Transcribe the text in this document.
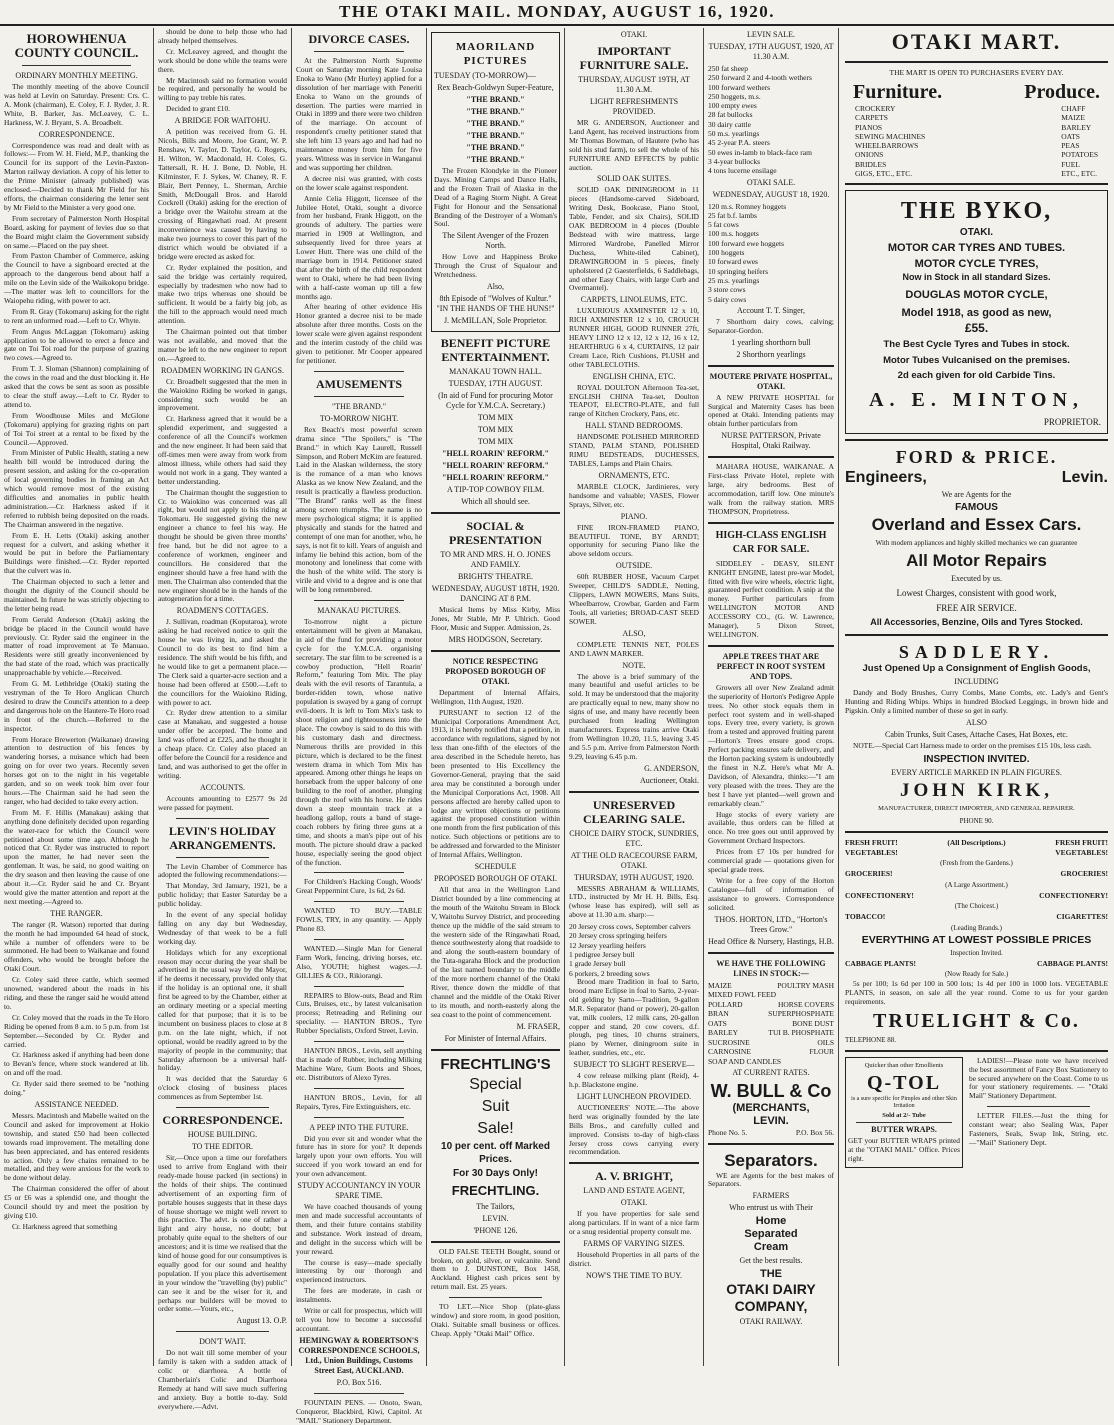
THE OTAKI MAIL. MONDAY, AUGUST 16, 1920.
HOROWHENUA COUNTY COUNCIL.
ORDINARY MONTHLY MEETING.

The monthly meeting of the above Council was held at Levin on Saturday. Present: Crs. C. A. Monk (chairman), E. Coley, F. J. Ryder, J. R. White, B. Barker, Jas. McLeavey, C. L. Harkness, W. J. Bryant, S. A. Broadbelt.

CORRESPONDENCE.

Correspondence was read and dealt with as follows:— From W. H. Field, M.P., thanking the Council for its support of the Levin-Paxton-Marton railway deviation. A copy of his letter to the Prime Minister (already published) was enclosed.—Decided to thank Mr Field for his efforts, the chairman considering the letter sent by Mr Field to the Minister a very good one.

From secretary of Palmerston North Hospital Board, asking for payment of levies due so that the Board might claim the Government subsidy on same.—Placed on the pay sheet.

From Paxton Chamber of Commerce, asking the Council to have a signboard erected at the approach to the dangerous bend about half a mile on the Levin side of the Waikokopu bridge.—The matter was left to councillors for the Waiopehu riding, with power to act.

From R. Gray (Tokomaru) asking for the right to rent an unformed road.—Left to Cr. Whyte.

From Angus McLaggan (Tokomaru) asking application to be allowed to erect a fence and gate on Toi Toi road for the purpose of grazing two cows.—Agreed to.

From T. J. Sloman (Shannon) complaining of the cows in the road and the dust blocking it. He asked that the cows be sent as soon as possible to clear the stuff away.—Left to Cr. Ryder to attend to.

From Woodhouse Miles and McGlone (Tokomaru) applying for grazing rights on part of Toi Toi street at a rental to be fixed by the Council.—Approved.

From Minister of Public Health, stating a new health bill would be introduced during the present session, and asking for the co-operation of local governing bodies in framing an Act which would remove most of the existing difficulties and anomalies in public health administration.—Cr. Harkness asked if it referred to rubbish being deposited on the roads. The Chairman answered in the negative.

From E. H. Letts (Otaki) asking another request for a culvert, and asking whether it would be put in before the Parliamentary Buildings were finished.—Cr. Ryder reported that the culvert was in.

The Chairman objected to such a letter and thought the dignity of the Council should be maintained. In future he was strictly objecting to the letter being read.

From Gerald Anderson (Otaki) asking the bridge be placed in the Council would have previously. Cr. Ryder said the engineer in the matter of road improvement at Te Manuao. Residents were still greatly inconvenienced by the bad state of the road, which was practically unapproachable by vehicle.—Received.

From G. M. Lethbridge (Otaki) stating the vestryman of the Te Horo Anglican Church desired to draw the Council's attention to a deep and dangerous hole on the Hautere-Te Horo road in front of the church.—Referred to the inspector.

From Horace Brewerton (Waikanae) drawing attention to destruction of his fences by wandering horses, a nuisance which had been going on for over two years. Recently seven horses got on to the night in his vegetable garden, and so on week took him over four hours.—The Chairman said he had seen the ranger, who had decided to take every action.

From M. F. Hillis (Manakau) asking that anything done definitely decided upon regarding the water-race for which the Council were petitioned about some time ago. Although he noticed that Cr. Ryder was instructed to report upon the matter, he had never seen the gentleman. It was, he said, no good waiting on the dry season and then leaving the cause of one about it.—Cr. Ryder said he and Cr. Bryant would give the matter attention and report at the next meeting.—Agreed to.

THE RANGER.

The ranger (R. Watson) reported that during the month he had impounded 64 head of stock, while a number of offenders were to be summoned. He had been to Waikanae and found offenders, who would be brought before the Otaki Court.

Cr. Coley said three cattle, which seemed unowned, wandered about the roads in his riding, and these the ranger said he would attend to.

Cr. Coley moved that the roads in the Te Horo Riding be opened from 8 a.m. to 5 p.m. from 1st September.—Seconded by Cr. Ryder and carried.

Cr. Harkness asked if anything had been done to Bevan's fence, where stock wandered at lib. on and off the road.

Cr. Ryder said there seemed to be "nothing doing."

ASSISTANCE NEEDED.

Messrs. Macintosh and Mabelle waited on the Council and asked for improvement at Hokio township, and stated £50 had been collected towards road improvement. The metalling done has been appreciated, and has entered residents to action. Only a few chains remained to be metalled, and they were anxious for the work to be done without delay.

The Chairman considered the offer of about £5 or £6 was a splendid one, and thought the Council should try and meet the position by giving £10.

Cr. Harkness agreed that something

should be done to help those who had already helped themselves.

Cr. McLeavey agreed, and thought the work should be done while the teams were there.

Mr Macintosh said no formation would be required, and personally he would be willing to pay treble his rates.

Decided to grant £10.

A BRIDGE FOR WAITOHU.

A petition was received from G. H. Nicols, Bills and Moore, Joe Grant, W. P. Renshaw, V. Taylor, D. Taylor, G. Rogers, H. Wilton, W. Macdonald, H. Coles, G. Tattersall, R. H. J. Bone, D. Noble, H. Kilminster, F. J. Sykes, W. Chaney, R. F. Blair, Bert Penney, L. Sherman, Archie Smith, McDougall Bros. and Harold Cockrell (Otaki) asking for the erection of a bridge over the Waitohu stream at the crossing of Ringawhati road. At present inconvenience was caused by having to make two journeys to cover this part of the district which would be obviated if a bridge were erected as asked for.

Cr. Ryder explained the position, and said the bridge was certainly required, especially by tradesmen who now had to make two trips whereas one should be sufficient. It would be a fairly big job, as the hill to the approach would need much attention.

The Chairman pointed out that timber was not available, and moved that the matter be left to the new engineer to report on.—Agreed to.

ROADMEN WORKING IN GANGS.

Cr. Broadbelt suggested that the men in the Waiokino Riding be worked in gangs, considering such would be an improvement.

Cr. Harkness agreed that it would be a splendid experiment, and suggested a conference of all the Council's workmen and the new engineer. It had been said that off-times men were away from work from almost illness, while others had said they would not work in a gang. They wanted a better understanding.

The Chairman thought the suggestion to Cr. to Waiokino was concerned was all right, but would not apply to his riding at Tokomaru. He suggested giving the new engineer a chance to feel his way. He thought he should be given three months' free hand, but he did not agree to a conference of workmen, engineer and councillors. He considered that the engineer should have a free hand with the men. The Chairman also contended that the new engineer should be in the hands of the autogeneration for a time.

ROADMEN'S COTTAGES.

J. Sullivan, roadman (Koputaroa), wrote asking he had received notice to quit the house he was living in, and asked the Council to do its best to find him a residence. The shift would be his fifth, and he would like to get a permanent place.—The Clerk said a quarter-acre section and a house had been offered at £500.—Left to the councillors for the Waiokino Riding, with power to act.

Cr. Ryder drew attention to a similar case at Manakau, and suggested a house under offer be accepted. The home and land was offered at £225, and he thought it a cheap place. Cr. Coley also placed an offer before the Council for a residence and land, and was authorised to get the offer in writing.

ACCOUNTS.

Accounts amounting to £2577 9s 2d were passed for payment.

LEVIN'S HOLIDAY ARRANGEMENTS.

The Levin Chamber of Commerce has adopted the following recommendations:—

That Monday, 3rd January, 1921, be a public holiday; that Easter Saturday be a public holiday.

In the event of any special holiday falling on any day but Wednesday, Wednesday of that week to be a full working day.

Holidays which for any exceptional reason may occur during the year shall be advertised in the usual way by the Mayor, if he deems it necessary, provided only that if the holiday is an optional one, it shall first be agreed to by the Chamber, either at an ordinary meeting or a special meeting called for that purpose; that it is to be incumbent on business places to close at 8 p.m. on the late night, which, if not optional, would be readily agreed to by the majority of people in the community; that Saturday afternoon be a universal half-holiday.

It was decided that the Saturday 6 o'clock closing of business places commences as from September 1st.

CORRESPONDENCE.
HOUSE BUILDING.
TO THE EDITOR.

Sir,—Once upon a time our forefathers used to arrive from England with their ready-made house packed (in sections) in the holds of their ships. The continued advertisement of an exporting firm of portable houses suggests that in these days of house shortage we might well revert to this practice. The advt. is one of rather a light and airy house, no doubt; but probably quite equal to the shelters of our ancestors; and it is time we realised that the kind of house good for our consumptives is equally good for our sound and healthy population. If you place this advertisement in your window the "travelling (by) public" can see it and be the wiser for it, and perhaps our builders will be moved to order some.—Yours, etc.,

August 13. O.P.
DON'T WAIT.

Do not wait till some member of your family is taken with a sudden attack of colic or diarrhoea. A bottle of Chamberlain's Colic and Diarrhoea Remedy at hand will save much suffering and anxiety. Buy a bottle to-day. Sold everywhere.—Advt.

DIVORCE CASES.

At the Palmerston North Supreme Court on Saturday morning Kate Louisa Enoka to Wano (Mr Hurley) applied for a dissolution of her marriage with Peneriti Enoka to Wano on the grounds of desertion. The parties were married in Otaki in 1899 and there were two children of the marriage. On account of respondent's cruelty petitioner stated that she left him 13 years ago and had had no maintenance money from him for five years. Witness was in service in Wanganui and was supporting her children.

A decree nisi was granted, with costs on the lower scale against respondent.

Annie Celia Higgott, licensee of the Jubilee Hotel, Otaki, sought a divorce from her husband, Frank Higgott, on the grounds of adultery. The parties were married in 1909 at Wellington, and subsequently lived for three years at Lower Hutt. There was one child of the marriage born in 1914. Petitioner stated that after the birth of the child respondent went to Otaki, where he had been living with a half-caste woman up till a few months ago.

After hearing of other evidence His Honor granted a decree nisi to be made absolute after three months. Costs on the lower scale were given against respondent and the interim custody of the child was given to petitioner. Mr Cooper appeared for petitioner.

AMUSEMENTS
"THE BRAND."
TO-MORROW NIGHT.

Rex Beach's most powerful screen drama since "The Spoilers," is "The Brand." in which Kay Laurell, Russell Simpson, and Robert McKim are featured. Laid in the Alaskan wilderness, the story is the romance of a man who knows Alaska as we know New Zealand, and the result is practically a flawless production. "The Brand" ranks well as the finest among screen triumphs. The name is no mere psychological stigma; it is applied physically and stands for the hatred and contempt of one man for another, who, he says, is not fit to kill. Years of anguish and infamy lie behind this action, born of the monotony and loneliness that come with the hush of the white wild. The story is virile and vivid to a degree and is one that will be long remembered.

MANAKAU PICTURES.

To-morrow night a picture entertainment will be given at Manakau, in aid of the fund for providing a motor cycle for the Y.M.C.A. organising secretary. The star film to be screened is a cowboy production, "Hell Roarin' Reform," featuring Tom Mix. The play deals with the evil resorts of Tarantula, a border-ridden town, whose native population is swayed by a gang of corrupt evil-doers. It is left to Tom Mix's task to shoot religion and righteousness into the place. The cowboy is said to do this with his customary dash and directness. Numerous thrills are provided in this picture, which is declared to be the finest western drama in which Tom Mix has appeared. Among other things he leaps on horseback from the upper balcony of one building to the roof of another, plunging through the roof with his horse. He rides down a steep mountain track at a headlong gallop, routs a band of stage-coach robbers by firing three guns at a time, and shoots a man's pipe out of his mouth. The picture should draw a packed house, especially seeing the good object of the function.

For Children's Hacking Cough, Woods' Great Peppermint Cure, 1s 6d, 2s 6d.

WANTED TO BUY.—TABLE FOWLS, TRY, in any quantity. — Apply Phone 83.

WANTED.—Single Man for General Farm Work, fencing, driving horses, etc. Also, YOUTH; highest wages.—J. GILLIES & CO., Rikiorangi.

REPAIRS to Blow-outs, Bead and Rim Cuts, Bruises, etc., by latest vulcanisation process; Retreading and Relining our speciality. — HANTON BROS., Tyre Rubber Specialists, Oxford Street, Levin.

HANTON BROS., Levin, sell anything that is made of Rubber, including Milking Machine Ware, Gum Boots and Shoes, etc. Distributors of Alexo Tyres.

HANTON BROS., Levin, for all Repairs, Tyres, Fire Extinguishers, etc.

A PEEP INTO THE FUTURE.

Did you ever sit and wonder what the future has in store for you? It depends largely upon your own efforts. You will succeed if you work toward an end for your own advancement.

STUDY ACCOUNTANCY IN YOUR SPARE TIME.

We have coached thousands of young men and made successful accountants of them, and their future contains stability and substance. Work instead of dream, and delight in the success which will be your reward.

The course is easy—made specially interesting by our thorough and experienced instructors.

The fees are moderate, in cash or instalments.

Write or call for prospectus, which will tell you how to become a successful accountant.

HEMINGWAY & ROBERTSON'S CORRESPONDENCE SCHOOLS, Ltd., Union Buildings, Customs Street East, AUCKLAND.
P.O. Box 516.

FOUNTAIN PENS. — Onoto, Swan, Conqueror, Blackbird, Kiwi, Capitol. At "MAIL" Stationery Department.

MAORILAND PICTURES
TUESDAY (TO-MORROW)—
Rex Beach-Goldwyn Super-Feature,
"THE BRAND."
"THE BRAND."
"THE BRAND."
"THE BRAND."
"THE BRAND."
"THE BRAND."

The Frozen Klondyke in the Pioneer Days. Mining Camps and Dance Halls, and the Frozen Trail of Alaska in the Dead of a Raging Storm Night. A Great Fight for Honour and the Sensational Branding of the Destroyer of a Woman's Soul.

The Silent Avenger of the Frozen North.

How Love and Happiness Broke Through the Crust of Squalour and Wretchedness.

Also,
8th Episode of "Wolves of Kultur." "IN THE HANDS OF THE HUNS!"
J. McMILLAN, Sole Proprietor.
BENEFIT PICTURE ENTERTAINMENT.
MANAKAU TOWN HALL.
TUESDAY, 17TH AUGUST.
(In aid of Fund for procuring Motor Cycle for Y.M.C.A. Secretary.)
TOM MIX
TOM MIX
TOM MIX
"HELL ROARIN' REFORM."
"HELL ROARIN' REFORM."
"HELL ROARIN' REFORM."
A TIP-TOP COWBOY FILM.
Which all should see.
SOCIAL & PRESENTATION
TO MR AND MRS. H. O. JONES AND FAMILY.
BRIGHTS' THEATRE.
WEDNESDAY, AUGUST 18TH, 1920. DANCING AT 8 P.M.

Musical Items by Miss Kirby, Miss Jones, Mr Stable, Mr P. Uhlrich. Good Floor, Music and Supper. Admission, 2s.

MRS HODGSON, Secretary.
NOTICE RESPECTING PROPOSED BOROUGH OF OTAKI.

Department of Internal Affairs, Wellington, 11th August, 1920.

PURSUANT to section 12 of the Municipal Corporations Amendment Act, 1913, it is hereby notified that a petition, in accordance with regulations, signed by not less than one-fifth of the electors of the area described in the Schedule hereto, has been presented to His Excellency the Governor-General, praying that the said area may be constituted a borough under the Municipal Corporations Act, 1908. All persons affected are hereby called upon to lodge any written objections or petitions against the proposed constitution within one month from the first publication of this notice. Such objections or petitions are to be addressed and forwarded to the Minister of Internal Affairs, Wellington.

SCHEDULE
PROPOSED BOROUGH OF OTAKI.

All that area in the Wellington Land District bounded by a line commencing at the mouth of the Waitohu Stream in Block V, Waitohu Survey District, and proceeding thence up the middle of the said stream to the western side of the Ringawhati Road, thence southwesterly along that roadside to and along the south-eastern boundary of the Tuta-ngaraha Block and the production of the last named boundary to the middle of the more northern channel of the Otaki River, thence down the middle of that channel and the middle of the Otaki River to its mouth, and north-easterly along the sea coast to the point of commencement.

M. FRASER,
For Minister of Internal Affairs.
FRECHTLING'S
Special
Suit
Sale!
10 per cent. off Marked Prices.
For 30 Days Only!
FRECHTLING.
The Tailors,
LEVIN.
'PHONE 126.

OLD FALSE TEETH Bought, sound or broken, on gold, silver, or vulcanite. Send them to J. DUNSTONE, Box 1458, Auckland. Highest cash prices sent by return mail. Est. 25 years.

TO LET.—Nice Shop (plate-glass window) and store room, in good position, Otaki. Suitable small business or offices. Cheap. Apply "Otaki Mail" Office.

OTAKI.
IMPORTANT FURNITURE SALE.
THURSDAY, AUGUST 19TH, AT 11.30 A.M.
LIGHT REFRESHMENTS PROVIDED.

MR G. ANDERSON, Auctioneer and Land Agent, has received instructions from Mr Thomas Bowman, of Hautere (who has sold his stud farm), to sell the whole of his FURNITURE AND EFFECTS by public auction.

SOLID OAK SUITES.

SOLID OAK DININGROOM in 11 pieces (Handsome-carved Sideboard, Writing Desk, Bookcase, Piano Stool, Table, Fender, and six Chairs), SOLID OAK BEDROOM in 4 pieces (Double Bedstead with wire mattress, large Mirrored Wardrobe, Panelled Mirror Duchess, White-tiled Cabinet), DRAWINGROOM in 5 pieces, finely upholstered (2 Gaesterfields, 6 Saddlebags, and other Easy Chairs, with large Curb and Overmantel).

CARPETS, LINOLEUMS, ETC.

LUXURIOUS AXMINSTER 12 x 10, RICH AXMINSTER 12 x 10, CROUCH RUNNER HIGH, GOOD RUNNER 27ft, HEAVY LINO 12 x 12, 12 x 12, 16 x 12, HEARTHRUG 6 x 4, CURTAINS, 12 pair Cream Lace, Rich Cushions, PLUSH and other TABLECLOTHS.

ENGLISH CHINA, ETC.

ROYAL DOULTON Afternoon Tea-set, ENGLISH CHINA Tea-set, Doulton TEAPOT, ELECTRO-PLATE, and full range of Kitchen Crockery, Pans, etc.

HALL STAND BEDROOMS.

HANDSOME POLISHED MIRRORED STAND, PALM STAND, POLISHED RIMU BEDSTEADS, DUCHESSES, TABLES, Lamps and Plain Chairs.

ORNAMENTS, ETC.

MARBLE CLOCK, Jardinieres, very handsome and valuable; VASES, Flower Sprays, Silver, etc.

PIANO.

FINE IRON-FRAMED PIANO, BEAUTIFUL TONE, BY ARNDT; opportunity for securing Piano like the above seldom occurs.

OUTSIDE.

60ft RUBBER HOSE, Vacuum Carpet Sweeper, CHILD'S SADDLE, Netting, Clippers, LAWN MOWERS, Mans Suits, Wheelbarrow, Crowbar, Garden and Farm Tools, all varieties; BROAD-CAST SEED SOWER.

ALSO,

COMPLETE TENNIS NET, POLES AND LAWN MARKER.

NOTE.

The above is a brief summary of the many beautiful and useful articles to be sold. It may be understood that the majority are practically equal to new, many show no signs of use, and many have recently been purchased from leading Wellington manufacturers. Express trains arrive Otaki from Wellington 10.20, 11.5, leaving 3.45 and 5.5 p.m. Arrive from Palmerston North 9.29, leaving 6.45 p.m.

G. ANDERSON,
Auctioneer, Otaki.
UNRESERVED CLEARING SALE.
CHOICE DAIRY STOCK, SUNDRIES, ETC.
AT THE OLD RACECOURSE FARM, OTAKI.
THURSDAY, 19TH AUGUST, 1920.

MESSRS ABRAHAM & WILLIAMS, LTD., instructed by Mr H. H. Bills, Esq. (whose lease has expired), will sell as above at 11.30 a.m. sharp:—

20 Jersey cross cows, September calvers
20 Jersey cross springing heifers
12 Jersey yearling heifers
1 pedigree Jersey bull
1 grade Jersey bull
6 porkers, 2 breeding sows

Brood mare Tradition in foal to Sarto, brood mare Eclipse in foal to Sarto, 2-year-old gelding by Sarto—Tradition, 9-gallon M.R. Separator (hand or power), 20-gallon vat, milk coolers, 12 milk cans, 20-gallon copper and stand, 20 cow covers, d.f. plough, peg tines, 10 churns strainers, piano by Werner, diningroom suite in leather, sundries, etc., etc.

SUBJECT TO SLIGHT RESERVE—

4 cow release milking plant (Reid), 4-h.p. Blackstone engine.

LIGHT LUNCHEON PROVIDED.

AUCTIONEERS' NOTE.—The above herd was originally founded by the late Bills Bros., and carefully culled and improved. Consists to-day of high-class Jersey cross cows carrying every recommendation.

A. V. BRIGHT,
LAND AND ESTATE AGENT,
OTAKI.

If you have properties for sale send along particulars. If in want of a nice farm or a snug residential property consult me.

FARMS OF VARYING SIZES.

Household Properties in all parts of the district.

NOW'S THE TIME TO BUY.
LEVIN SALE.
TUESDAY, 17TH AUGUST, 1920, AT 11.30 A.M.
250 fat sheep
250 forward 2 and 4-tooth wethers
100 forward wethers
250 hoggets, m.s.
100 empty ewes
28 fat bullocks
30 dairy cattle
50 m.s. yearlings
45 2-year P.A. steers
50 ewes in-lamb to black-face ram
3 4-year bullocks
4 tons lucerne ensilage
OTAKI SALE.
WEDNESDAY, AUGUST 18, 1920.
120 m.s. Romney hoggets
25 fat b.f. lambs
5 fat cows
100 m.s. hoggets
100 forward ewe hoggets
100 hoggets
10 forward ewes
10 springing heifers
25 m.s. yearlings
3 store cows
5 dairy cows
Account T. T. Singer,

7 Shorthorn dairy cows, calving; Separator-Gordon.

1 yearling shorthorn bull
2 Shorthorn yearlings
MOUTERE PRIVATE HOSPITAL, OTAKI.

A NEW PRIVATE HOSPITAL for Surgical and Maternity Cases has been opened at Otaki. Intending patients may obtain further particulars from

NURSE PATTERSON, Private Hospital, Otaki Railway.

MAHARA HOUSE, WAIKANAE. A First-class Private Hotel, replete with large, airy bedrooms. Best of accommodation, tariff low. One minute's walk from the railway station. MRS THOMPSON, Proprietress.

HIGH-CLASS ENGLISH CAR FOR SALE.

SIDDELEY - DEASY, SILENT KNIGHT ENGINE, latest pre-war Model, fitted with five wire wheels, electric light, guaranteed perfect condition. A snip at the money. Further particulars from WELLINGTON MOTOR AND ACCESSORY CO., (G. W. Lawrence, Manager), 5 Dixon Street, WELLINGTON.

APPLE TREES THAT ARE PERFECT IN ROOT SYSTEM AND TOPS.

Growers all over New Zealand admit the superiority of Horton's Pedigree Apple trees. No other stock equals them in perfect root system and in well-shaped tops. Every tree, every variety, is grown from a tested and approved fruiting parent—Horton's Trees ensure good crops. Perfect packing ensures safe delivery, and the Horton packing system is undoubtedly the finest in N.Z. Here's what Mr A. Davidson, of Alexandra, thinks:—"I am very pleased with the trees. They are the best I have yet planted—well grown and remarkably clean."

Huge stocks of every variety are available, thus orders can be filled at once. No tree goes out until approved by Government Orchard Inspectors.

Prices from £7 10s per hundred for commercial grade — quotations given for special grade trees.

Write for a free copy of the Horton Catalogue—full of information of assistance to growers. Correspondence solicited.

THOS. HORTON, LTD., "Horton's Trees Grow."
Head Office & Nursery, Hastings, H.B.
WE HAVE THE FOLLOWING LINES IN STOCK:—
MAIZE	POULTRY MASH
MIXED FOWL FEED
POLLARD	HORSE COVERS
BRAN	SUPERPHOSPHATE
OATS	BONE DUST
BARLEY	TUI B. PHOSPHATE
SUCROSINE	OILS
CARNOSINE	FLOUR
SOAP AND CANDLES
AT CURRENT RATES.
W. BULL & Co
(MERCHANTS,
LEVIN.
Phone No. 5.	P.O. Box 56.
Separators.

WE are Agents for the best makes of Separators.

FARMERS
Who entrust us with Their
Home
Separated
Cream
Get the best results.
THE
OTAKI DAIRY
COMPANY,
OTAKI RAILWAY.
OTAKI MART.
THE MART IS OPEN TO PURCHASERS EVERY DAY.
Furniture.	Produce.
CROCKERY
CARPETS
PIANOS
SEWING MACHINES
WHEELBARROWS
ONIONS
BRIDLES
GIGS, ETC., ETC.
CHAFF
MAIZE
BARLEY
OATS
PEAS
POTATOES
FUEL
ETC., ETC.
THE BYKO,
OTAKI.
MOTOR CAR TYRES AND TUBES.
MOTOR CYCLE TYRES,
Now in Stock in all standard Sizes.
DOUGLAS MOTOR CYCLE,
Model 1918, as good as new,
£55.
The Best Cycle Tyres and Tubes in stock.
Motor Tubes Vulcanised on the premises.
2d each given for old Carbide Tins.
A. E. MINTON,
PROPRIETOR.
FORD & PRICE.
Engineers,	Levin.
We are Agents for the
FAMOUS
Overland and Essex Cars.
With modern appliances and highly skilled mechanics we can guarantee
All Motor Repairs
Executed by us.
Lowest Charges, consistent with good work,
FREE AIR SERVICE.
All Accessories, Benzine, Oils and Tyres Stocked.
SADDLERY.
Just Opened Up a Consignment of English Goods,
INCLUDING

Dandy and Body Brushes, Curry Combs, Mane Combs, etc. Lady's and Gent's Hunting and Riding Whips. Whips in hundred Blocked Leggings, in brown hide and Pigskin. Only a limited number of these so get in early.

ALSO
Cabin Trunks, Suit Cases, Attache Cases, Hat Boxes, etc.

NOTE.—Special Cart Harness made to order on the premises £15 10s, less cash.

INSPECTION INVITED.
EVERY ARTICLE MARKED IN PLAIN FIGURES.
JOHN KIRK,
MANUFACTURER, DIRECT IMPORTER, AND GENERAL REPAIRER.
PHONE 90.
FRESH FRUIT!	(All Descriptions.)	FRESH FRUIT!
VEGETABLES!	VEGETABLES!
(Fresh from the Gardens.)
GROCERIES!	GROCERIES!
(A Large Assortment.)
CONFECTIONERY!	CONFECTIONERY!
(The Choicest.)
TOBACCO!	CIGARETTES!
(Leading Brands.)
EVERYTHING AT LOWEST POSSIBLE PRICES
Inspection Invited.
CABBAGE PLANTS!	CABBAGE PLANTS!
(Now Ready for Sale.)

5s per 100; 1s 6d per 100 in 500 lots; 1s 4d per 100 in 1000 lots. VEGETABLE PLANTS, in season, on sale all the year round. Come to us for your garden requirements.

TRUELIGHT & Co.
TELEPHONE 88.
Quicker than other Emollients
Q-TOL
is a sure specific for Pimples and other Skin Irritation
Sold at 2/- Tube
BUTTER WRAPS.

GET your BUTTER WRAPS printed at the "OTAKI MAIL" Office. Prices right.

LADIES!—Please note we have received the best assortment of Fancy Box Stationery to be secured anywhere on the Coast. Come to us for your stationery requirements. — "Otaki Mail" Stationery Department.

LETTER FILES.—Just the thing for constant wear; also Sealing Wax, Paper Fasteners, Seals, Swap Ink, String, etc.—"Mail" Stationery Dept.
